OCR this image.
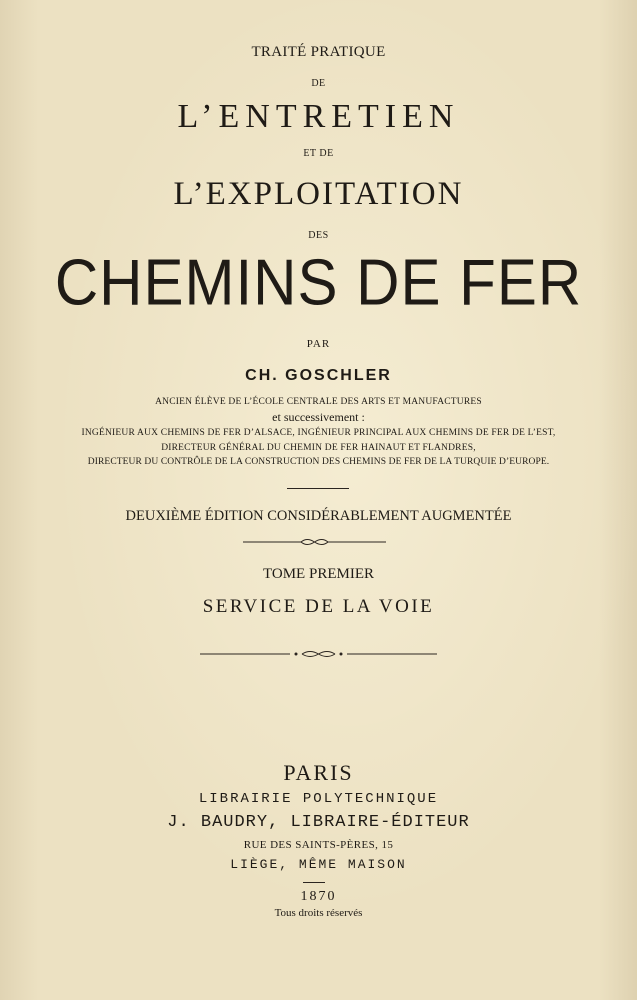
TRAITÉ PRATIQUE
DE
L’ENTRETIEN
ET DE
L’EXPLOITATION
DES
CHEMINS DE FER
PAR
CH. GOSCHLER
ANCIEN ÉLÈVE DE L’ÉCOLE CENTRALE DES ARTS ET MANUFACTURES
et successivement :
INGÉNIEUR AUX CHEMINS DE FER D’ALSACE, INGÉNIEUR PRINCIPAL AUX CHEMINS DE FER DE L’EST,
DIRECTEUR GÉNÉRAL DU CHEMIN DE FER HAINAUT ET FLANDRES,
DIRECTEUR DU CONTRÔLE DE LA CONSTRUCTION DES CHEMINS DE FER DE LA TURQUIE D’EUROPE.
DEUXIÈME ÉDITION CONSIDÉRABLEMENT AUGMENTÉE
TOME PREMIER
SERVICE DE LA VOIE
PARIS
LIBRAIRIE POLYTECHNIQUE
J. BAUDRY, LIBRAIRE-ÉDITEUR
RUE DES SAINTS-PÈRES, 15
LIÈGE, MÊME MAISON
1870
Tous droits réservés
